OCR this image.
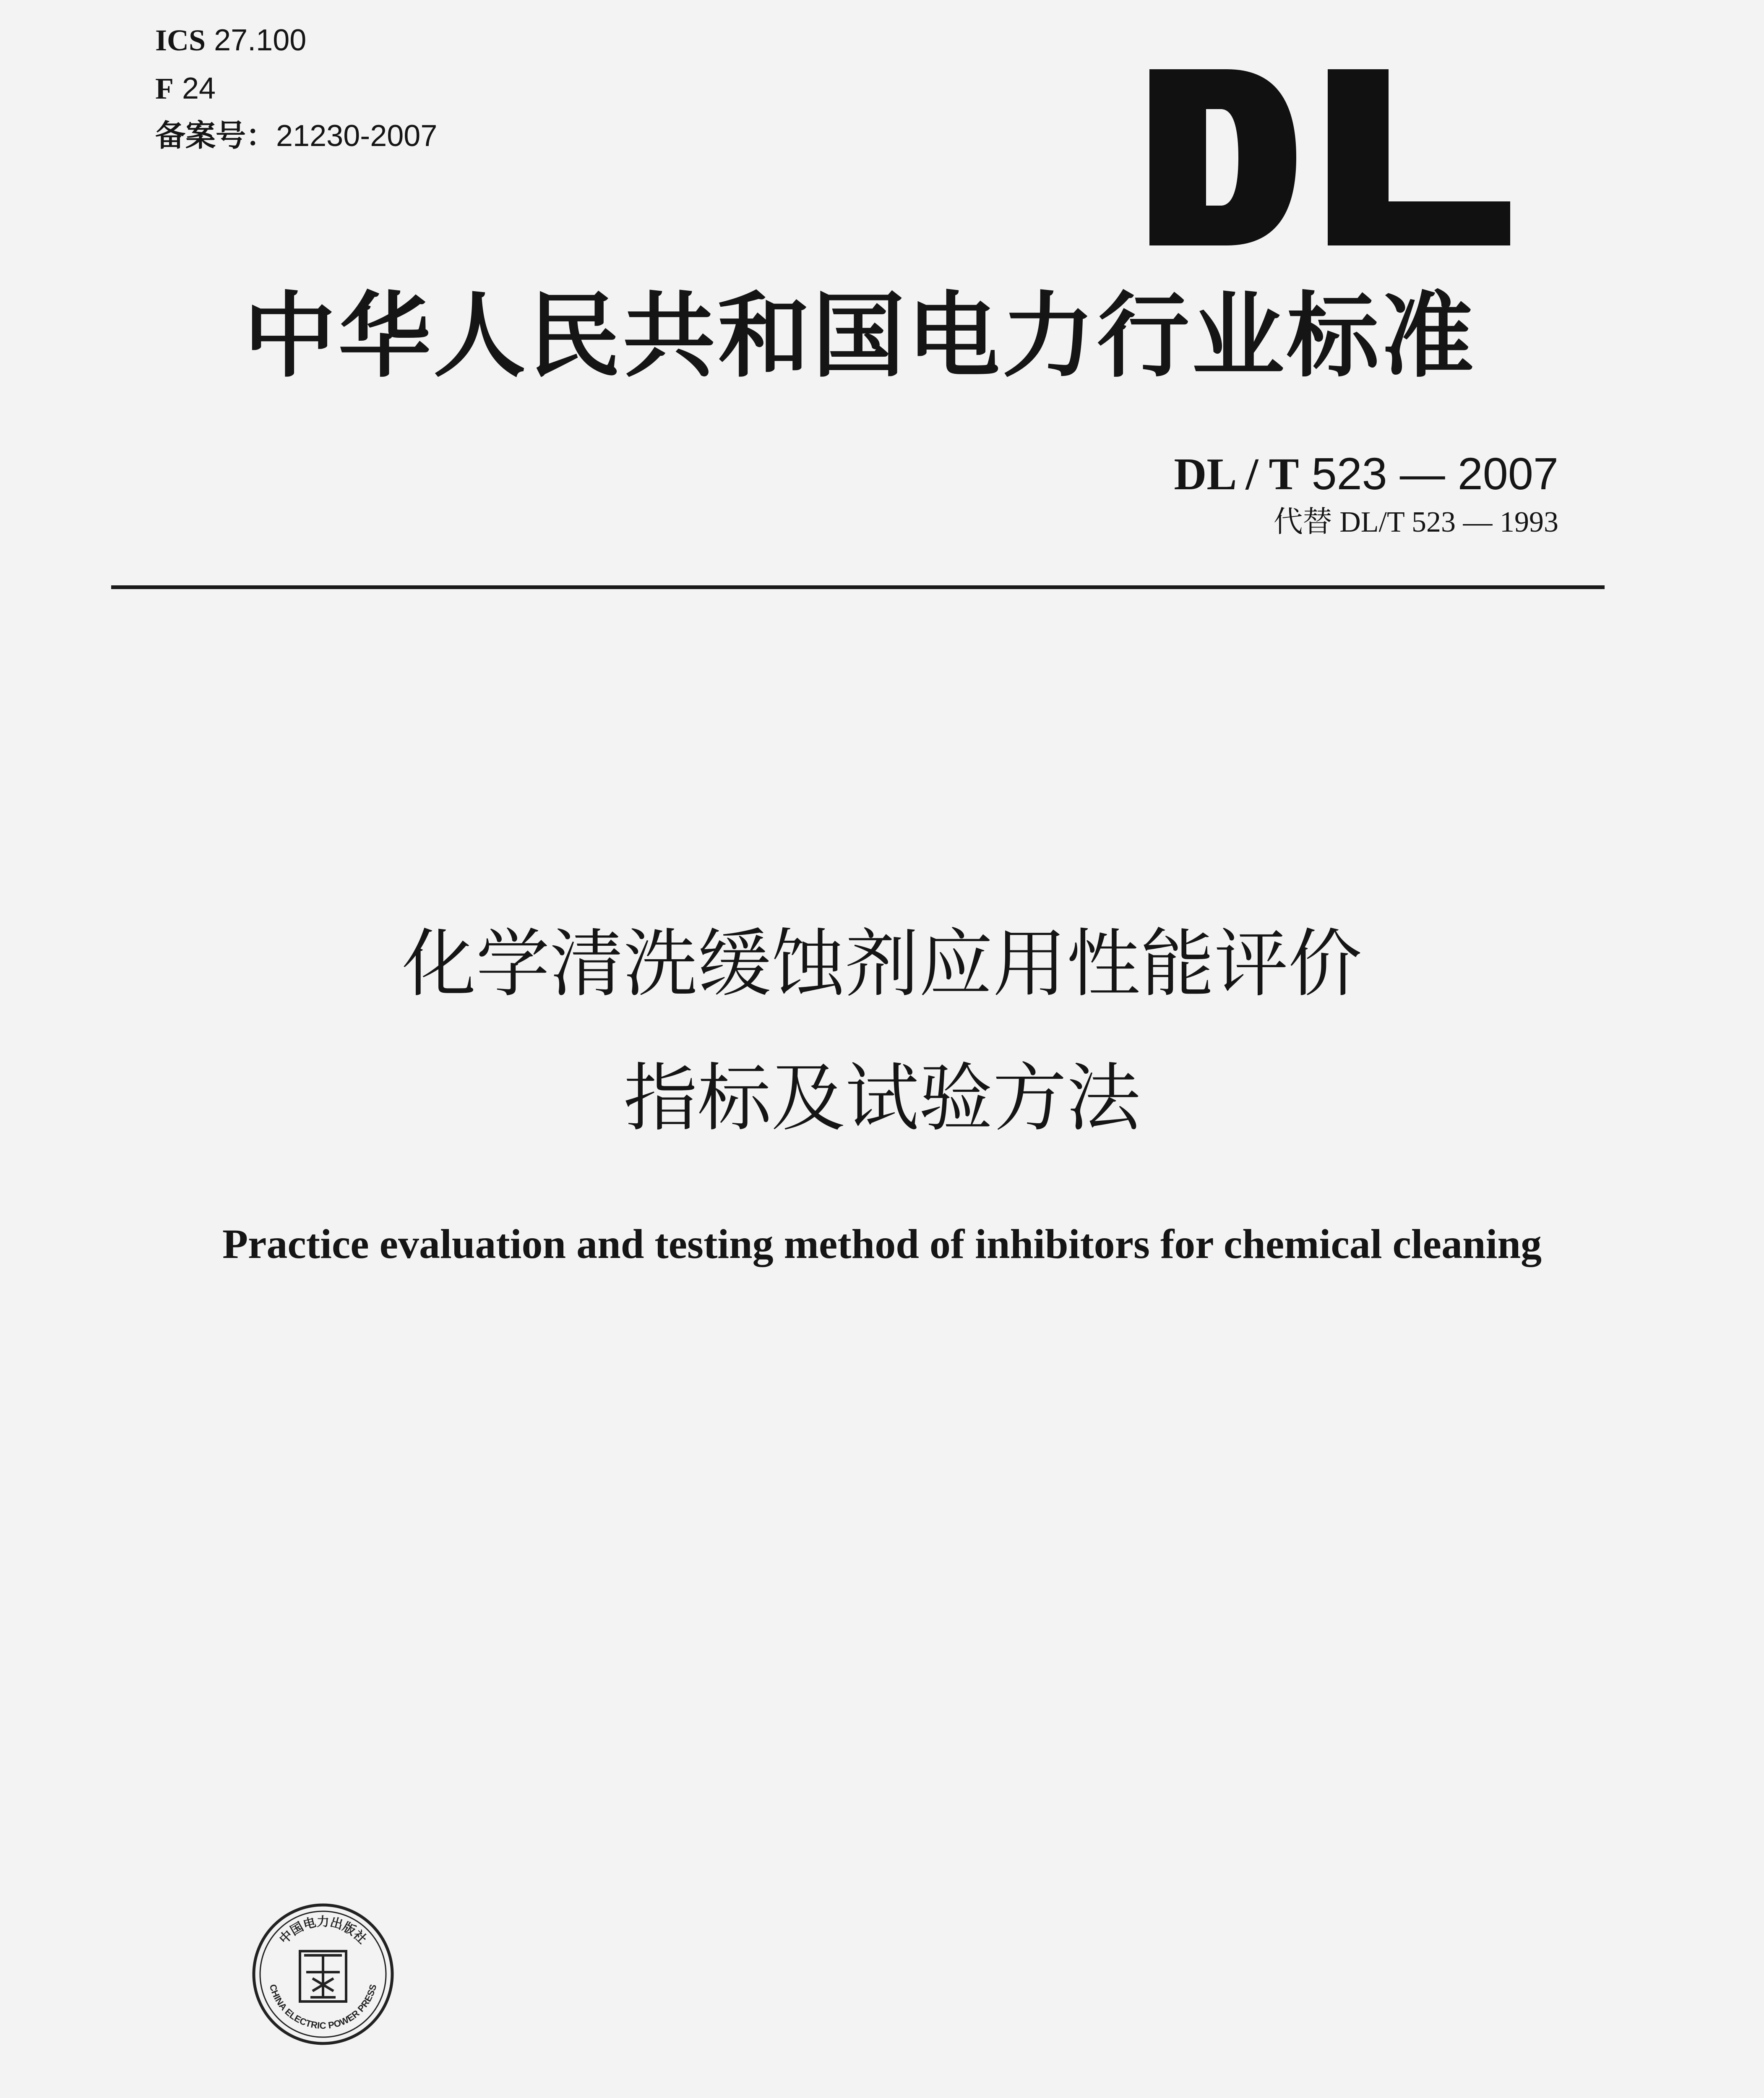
ICS 27.100
F 24
备案号：21230-2007
中华人民共和国电力行业标准
DL / T 523 — 2007
代替 DL/T 523 — 1993
化学清洗缓蚀剂应用性能评价
指标及试验方法
Practice evaluation and testing method of inhibitors for chemical cleaning
中国电力出版社
CHINA ELECTRIC POWER PRESS
